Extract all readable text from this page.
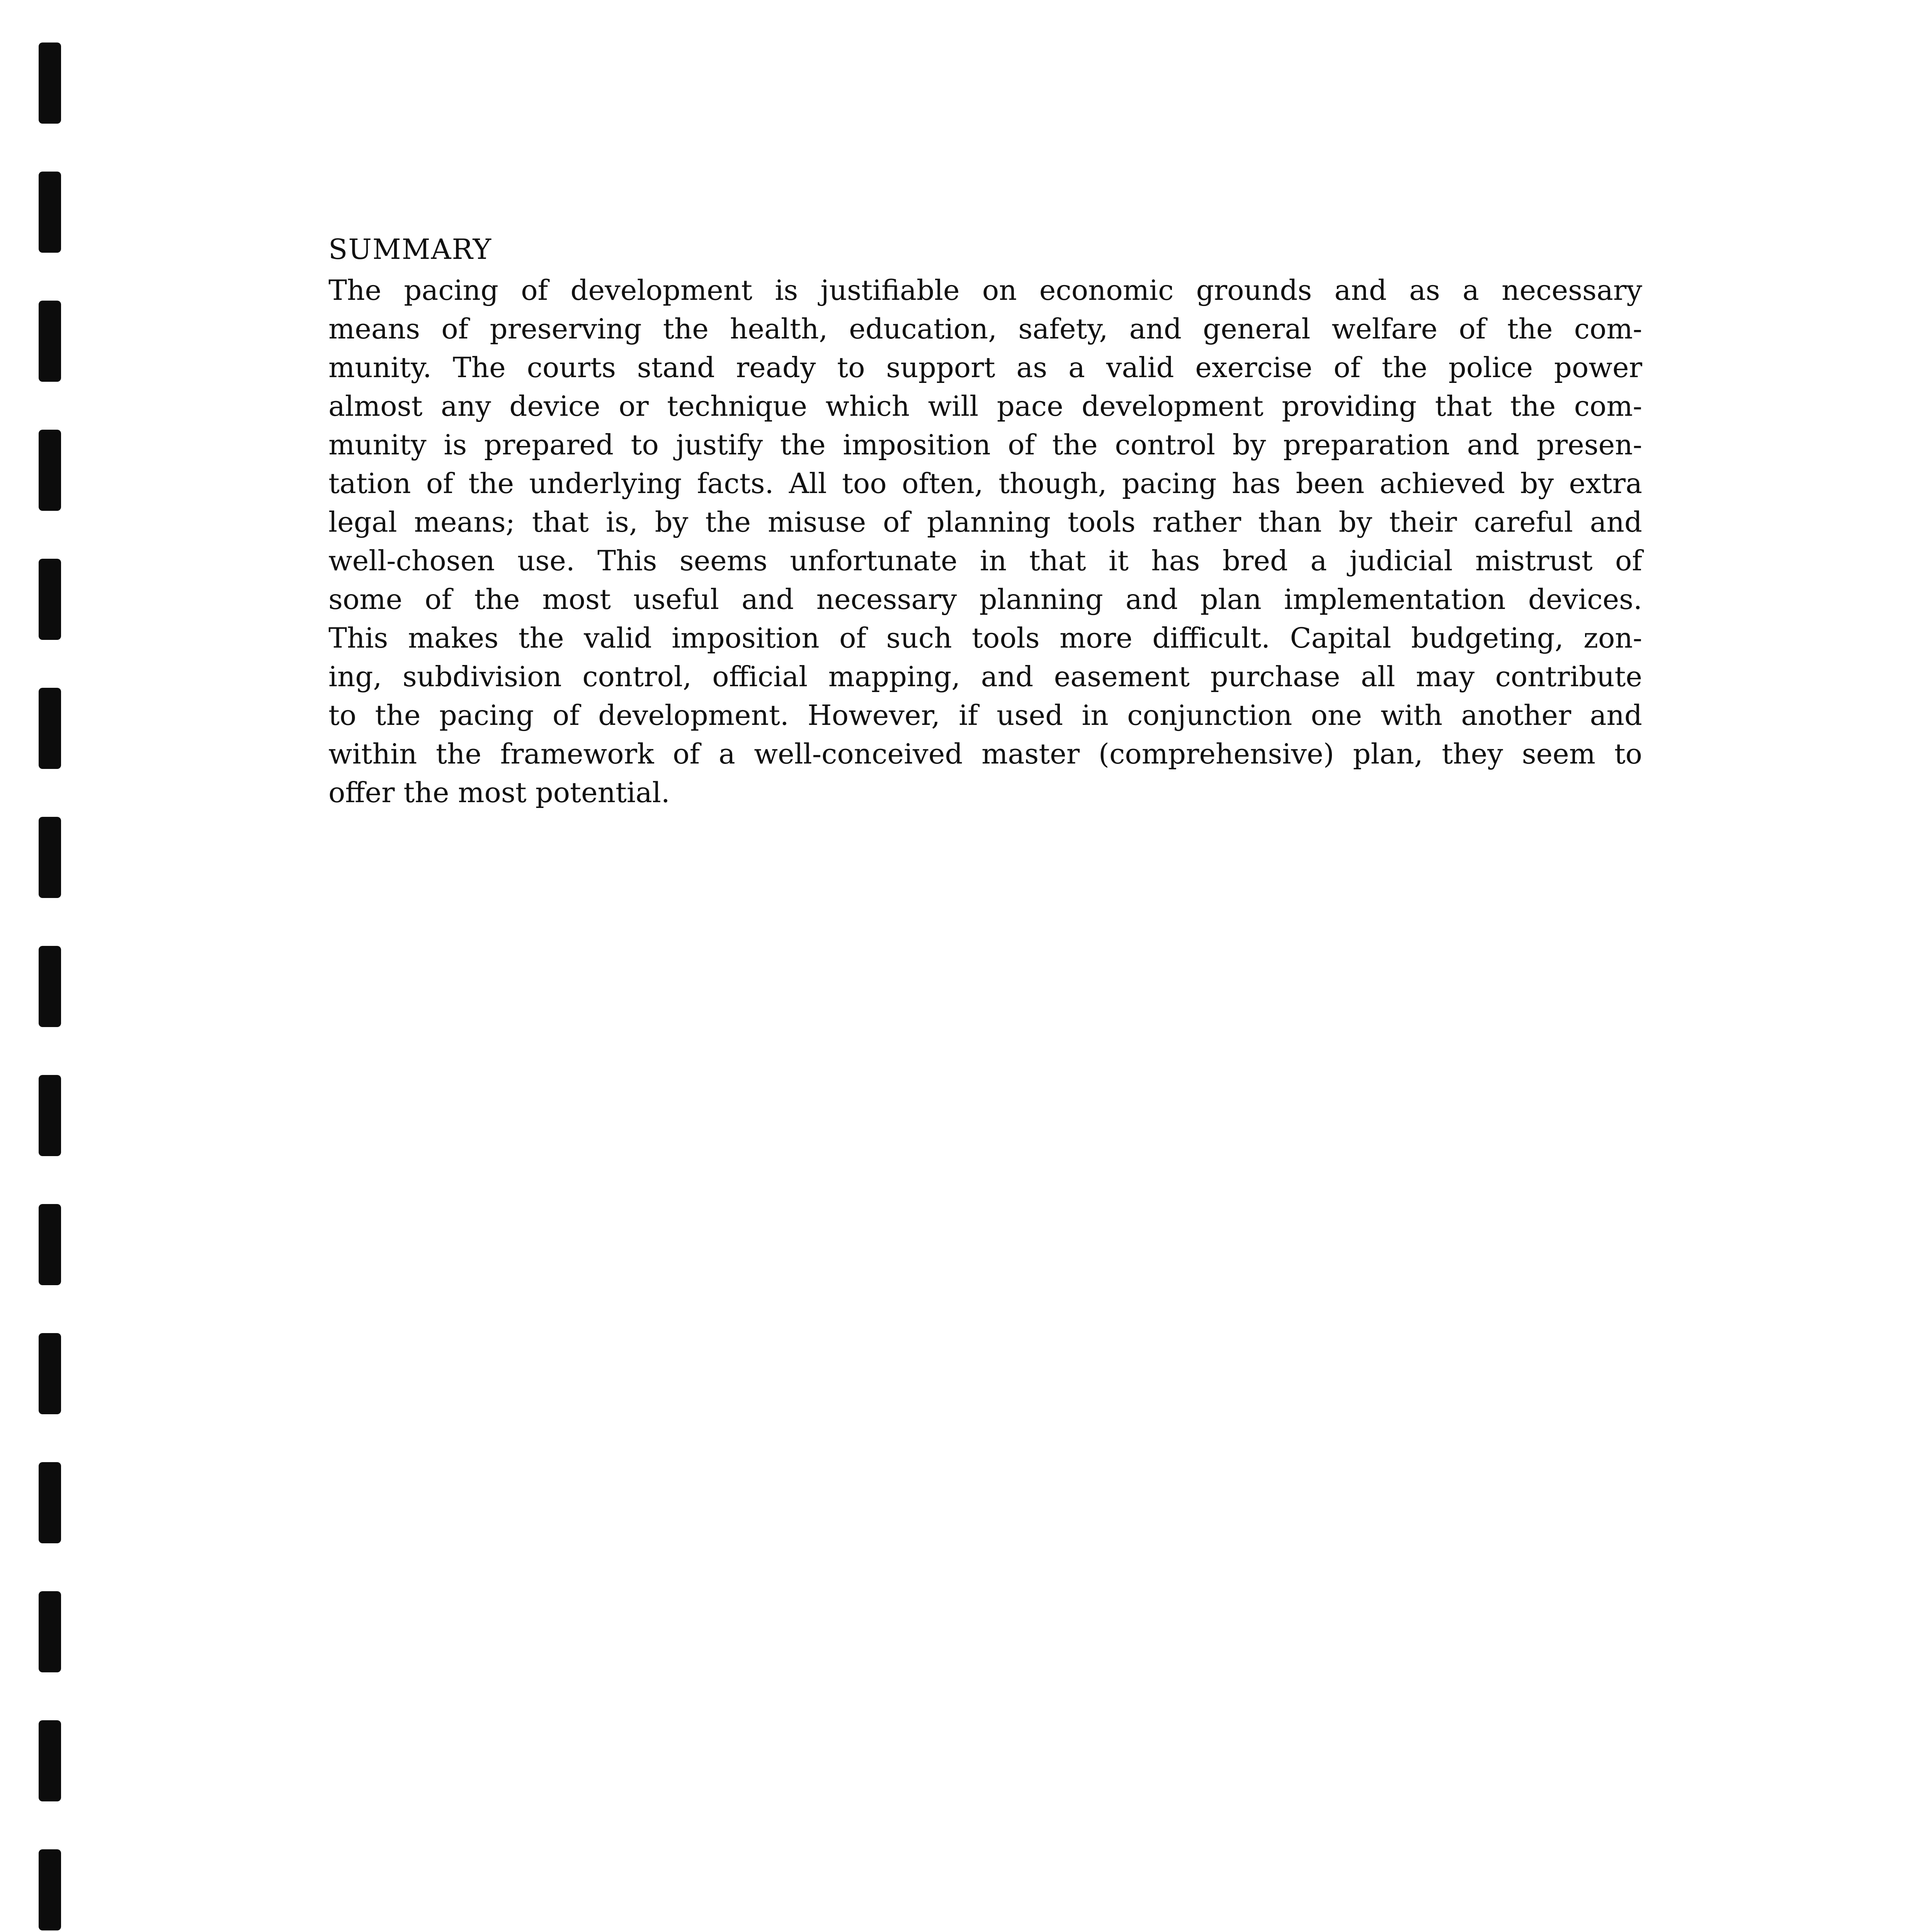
SUMMARY

The pacing of development is justifiable on economic grounds and as a necessary

means of preserving the health, education, safety, and general welfare of the com-

munity. The courts stand ready to support as a valid exercise of the police power

almost any device or technique which will pace development providing that the com-

munity is prepared to justify the imposition of the control by preparation and presen-

tation of the underlying facts. All too often, though, pacing has been achieved by extra

legal means; that is, by the misuse of planning tools rather than by their careful and

well-chosen use. This seems unfortunate in that it has bred a judicial mistrust of

some of the most useful and necessary planning and plan implementation devices.

This makes the valid imposition of such tools more difficult. Capital budgeting, zon-

ing, subdivision control, official mapping, and easement purchase all may contribute

to the pacing of development. However, if used in conjunction one with another and

within the framework of a well-conceived master (comprehensive) plan, they seem to

offer the most potential.
